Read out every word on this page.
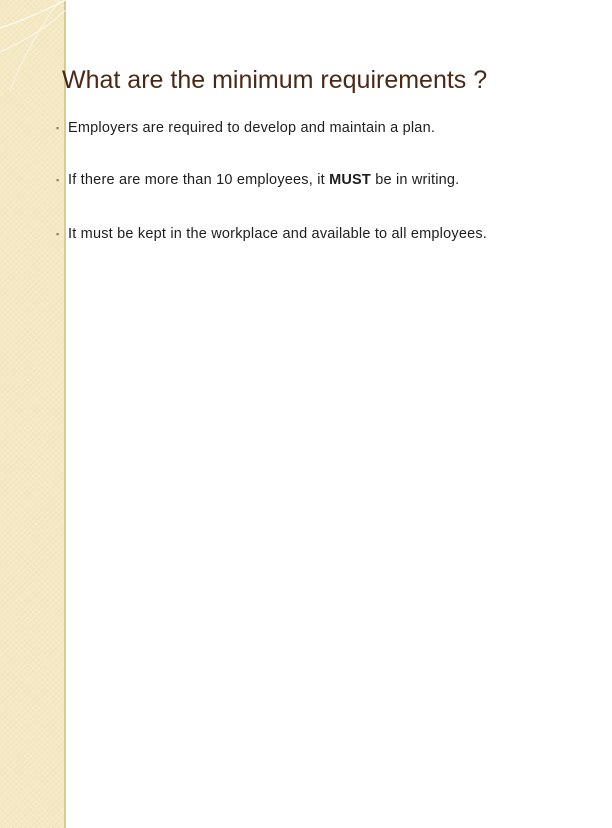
What are the minimum requirements ?
▪ Employers are required to develop and maintain a plan.
▪ If there are more than 10 employees, it MUST be in writing.
▪ It must be kept in the workplace and available to all employees.
